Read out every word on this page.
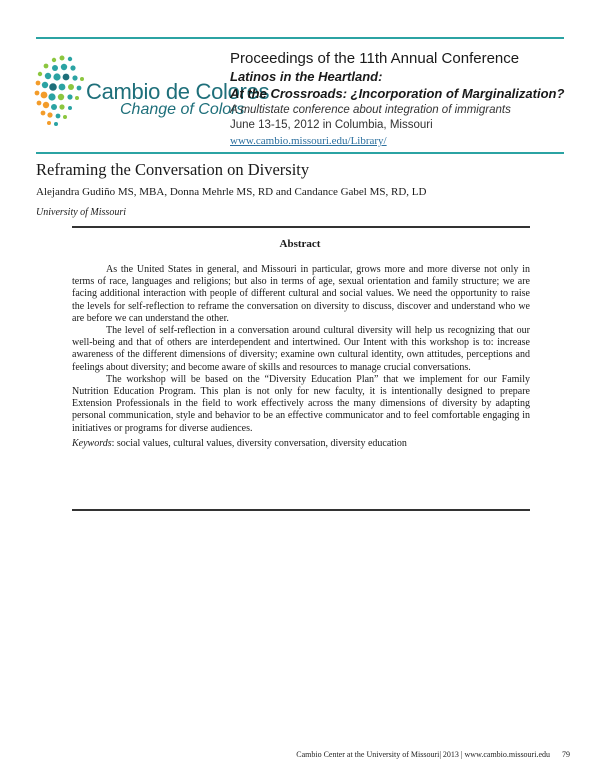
Cambio de Colores
Change of Colors
Proceedings of the 11th Annual Conference
Latinos in the Heartland:
At the Crossroads: ¿Incorporation of Marginalization?
A multistate conference about integration of immigrants
June 13-15, 2012 in Columbia, Missouri
www.cambio.missouri.edu/Library/
Reframing the Conversation on Diversity
Alejandra Gudiño MS, MBA, Donna Mehrle MS, RD and Candance Gabel MS, RD, LD
University of Missouri
Abstract

As the United States in general, and Missouri in particular, grows more and more diverse not only in terms of race, languages and religions; but also in terms of age, sexual orientation and family structure; we are facing additional interaction with people of different cultural and social values. We need the opportunity to raise the levels for self-reflection to reframe the conversation on diversity to discuss, discover and understand who we are before we can understand the other.

The level of self-reflection in a conversation around cultural diversity will help us recognizing that our well-being and that of others are interdependent and intertwined. Our Intent with this workshop is to: increase awareness of the different dimensions of diversity; examine own cultural identity, own attitudes, perceptions and feelings about diversity; and become aware of skills and resources to manage crucial conversations.

The workshop will be based on the “Diversity Education Plan” that we implement for our Family Nutrition Education Program. This plan is not only for new faculty, it is intentionally designed to prepare Extension Professionals in the field to work effectively across the many dimensions of diversity by adapting personal communication, style and behavior to be an effective communicator and to feel comfortable engaging in initiatives or programs for diverse audiences.

Keywords: social values, cultural values, diversity conversation, diversity education

Cambio Center at the University of Missouri| 2013 | www.cambio.missouri.edu 79
